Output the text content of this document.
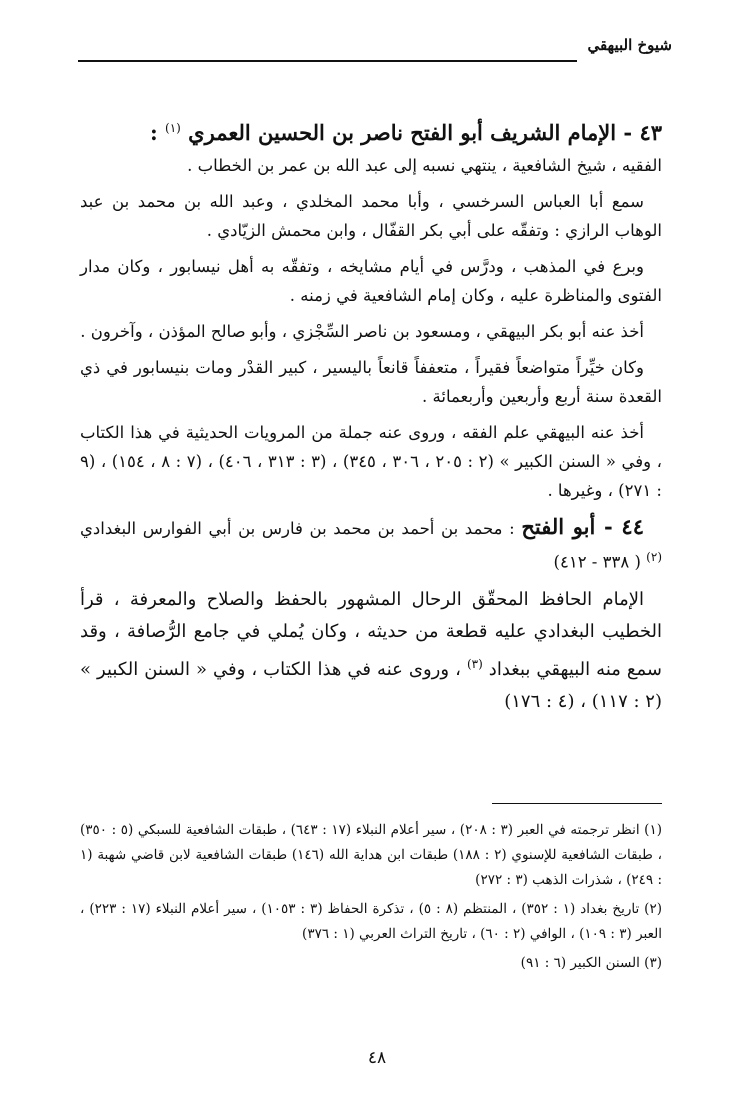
شيوخ البيهقي
٤٣ - الإمام الشريف أبو الفتح ناصر بن الحسين العمري $^{(١)}$ :

الفقيه ، شيخ الشافعية ، ينتهي نسبه إلى عبد الله بن عمر بن الخطاب .

سمع أبا العباس السرخسي ، وأبا محمد المخلدي ، وعبد الله بن محمد بن عبد الوهاب الرازي : وتفقّه على أبي بكر القفّال ، وابن محمش الزيّادي .

وبرع في المذهب ، ودرَّس في أيام مشايخه ، وتفقّه به أهل نيسابور ، وكان مدار الفتوى والمناظرة عليه ، وكان إمام الشافعية في زمنه .

أخذ عنه أبو بكر البيهقي ، ومسعود بن ناصر السِّجْزي ، وأبو صالح المؤذن ، وآخرون .

وكان خيِّراً متواضعاً فقيراً ، متعففاً قانعاً باليسير ، كبير القدْر ومات بنيسابور في ذي القعدة سنة أربع وأربعين وأربعمائة .

أخذ عنه البيهقي علم الفقه ، وروى عنه جملة من المرويات الحديثية في هذا الكتاب ، وفي « السنن الكبير » (٢ : ٢٠٥ ، ٣٠٦ ، ٣٤٥) ، (٣ : ٣١٣ ، ٤٠٦) ، (٧ : ٨ ، ١٥٤) ، (٩ : ٢٧١) ، وغيرها .

٤٤ - أبو الفتح : محمد بن أحمد بن محمد بن فارس بن أبي الفوارس البغدادي $^{(٢)}$ ( ٣٣٨ - ٤١٢)

الإمام الحافظ المحقّق الرحال المشهور بالحفظ والصلاح والمعرفة ، قرأ الخطيب البغدادي عليه قطعة من حديثه ، وكان يُملي في جامع الرُّصافة ، وقد سمع منه البيهقي ببغداد $^{(٣)}$ ، وروى عنه في هذا الكتاب ، وفي « السنن الكبير » (٢ : ١١٧) ، (٤ : ١٧٦)

(١) انظر ترجمته في العبر (٣ : ٢٠٨) ، سير أعلام النبلاء (١٧ : ٦٤٣) ، طبقات الشافعية للسبكي (٥ : ٣٥٠) ، طبقات الشافعية للإسنوي (٢ : ١٨٨) طبقات ابن هداية الله (١٤٦) طبقات الشافعية لابن قاضي شهبة (١ : ٢٤٩) ، شذرات الذهب (٣ : ٢٧٢)

(٢) تاريخ بغداد (١ : ٣٥٢) ، المنتظم (٨ : ٥) ، تذكرة الحفاظ (٣ : ١٠٥٣) ، سير أعلام النبلاء (١٧ : ٢٢٣) ، العبر (٣ : ١٠٩) ، الوافي (٢ : ٦٠) ، تاريخ التراث العربي (١ : ٣٧٦)

(٣) السنن الكبير (٦ : ٩١)

٤٨
